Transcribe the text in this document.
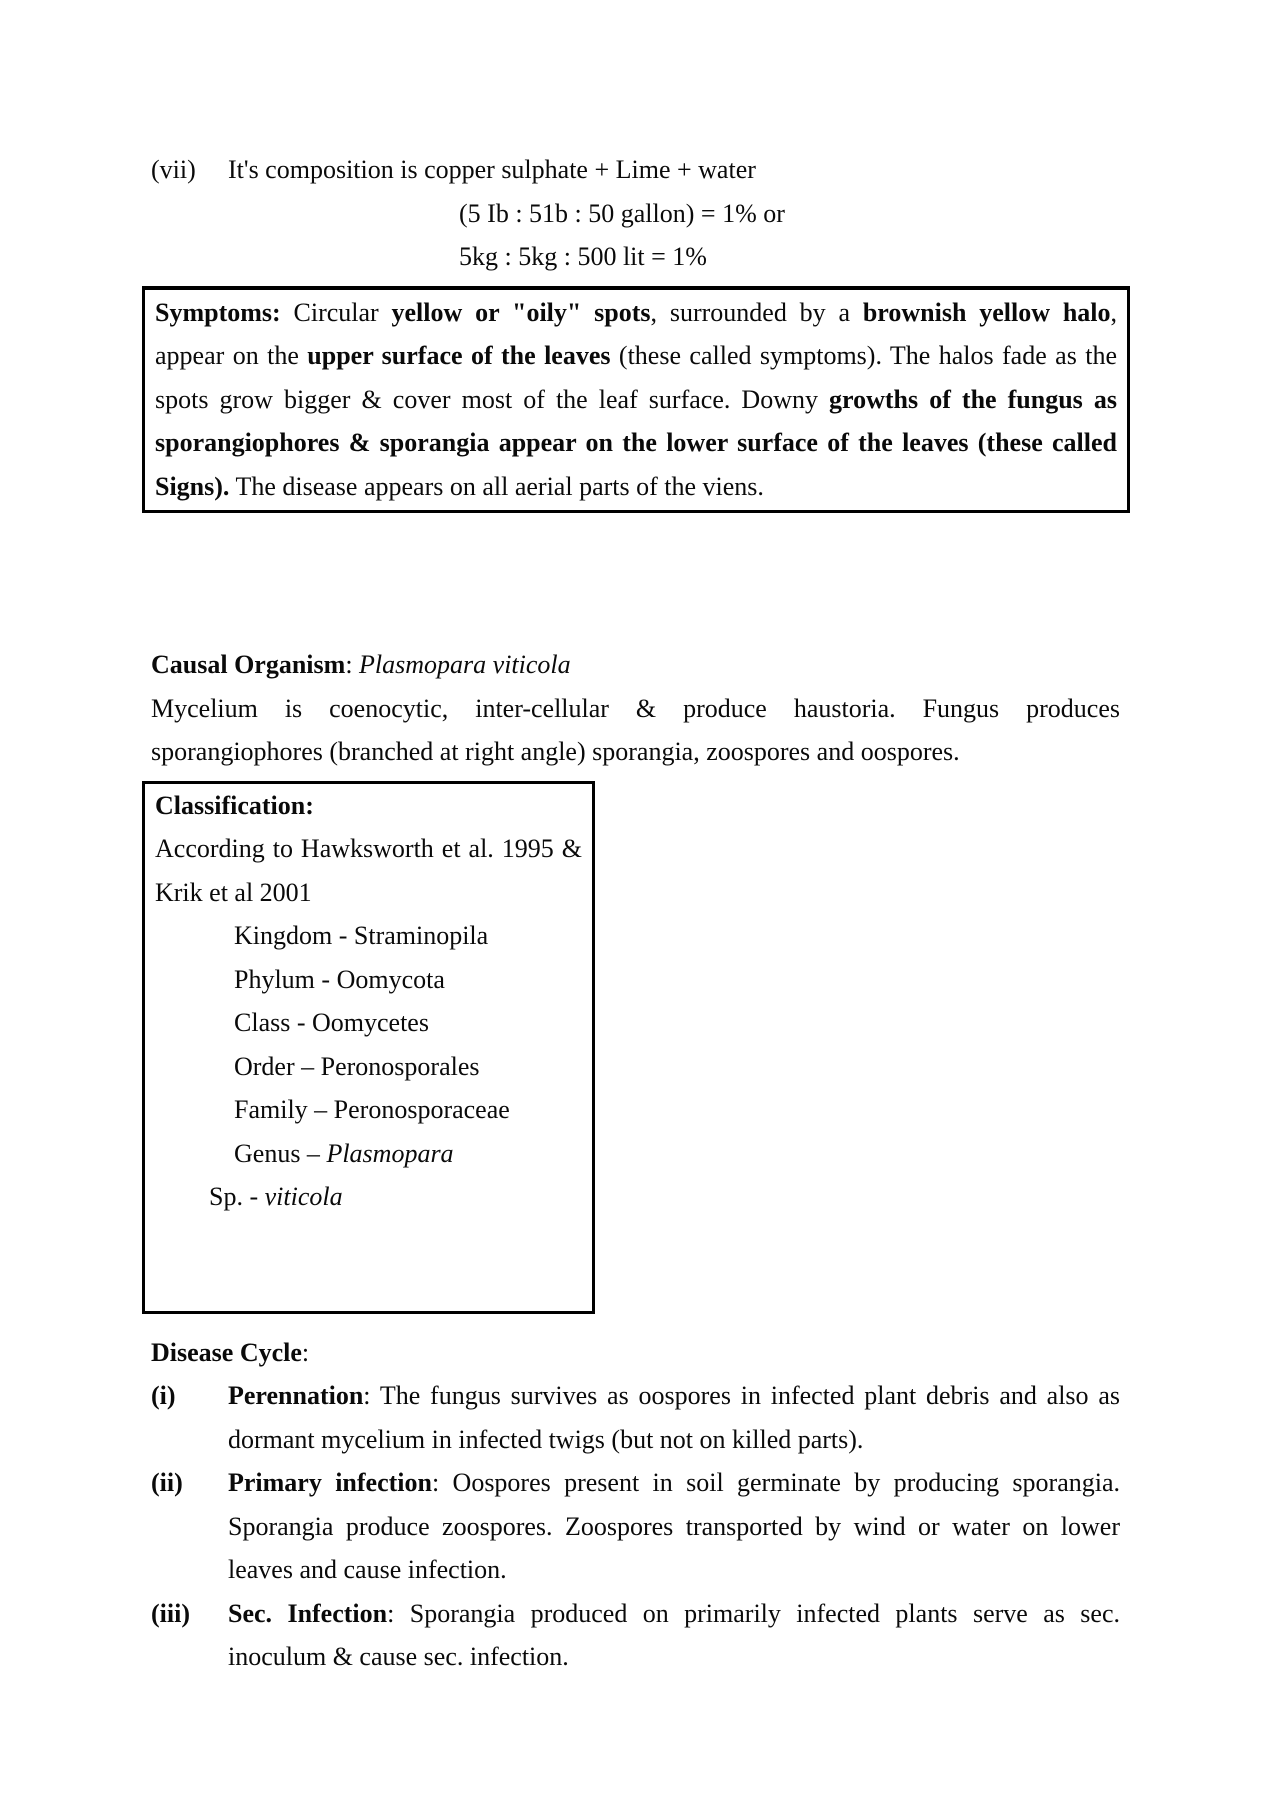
(vii)	It's composition is copper sulphate + Lime + water
(5 Ib : 51b : 50 gallon) = 1% or
5kg : 5kg : 500 lit = 1%

Symptoms: Circular yellow or "oily" spots, surrounded by a brownish yellow halo, appear on the upper surface of the leaves (these called symptoms). The halos fade as the spots grow bigger & cover most of the leaf surface. Downy growths of the fungus as sporangiophores & sporangia appear on the lower surface of the leaves (these called Signs). The disease appears on all aerial parts of the viens.

Causal Organism: Plasmopara viticola

Mycelium is coenocytic, inter-cellular & produce haustoria. Fungus produces sporangiophores (branched at right angle) sporangia, zoospores and oospores.

Classification:

According to Hawksworth et al. 1995 & Krik et al 2001

Kingdom - Straminopila

Phylum - Oomycota

Class - Oomycetes

Order – Peronosporales

Family – Peronosporaceae

Genus – Plasmopara

Sp. - viticola

Disease Cycle:

(i)	Perennation: The fungus survives as oospores in infected plant debris and also as dormant mycelium in infected twigs (but not on killed parts).

(ii)	Primary infection: Oospores present in soil germinate by producing sporangia. Sporangia produce zoospores. Zoospores transported by wind or water on lower leaves and cause infection.

(iii)	Sec. Infection: Sporangia produced on primarily infected plants serve as sec. inoculum & cause sec. infection.
